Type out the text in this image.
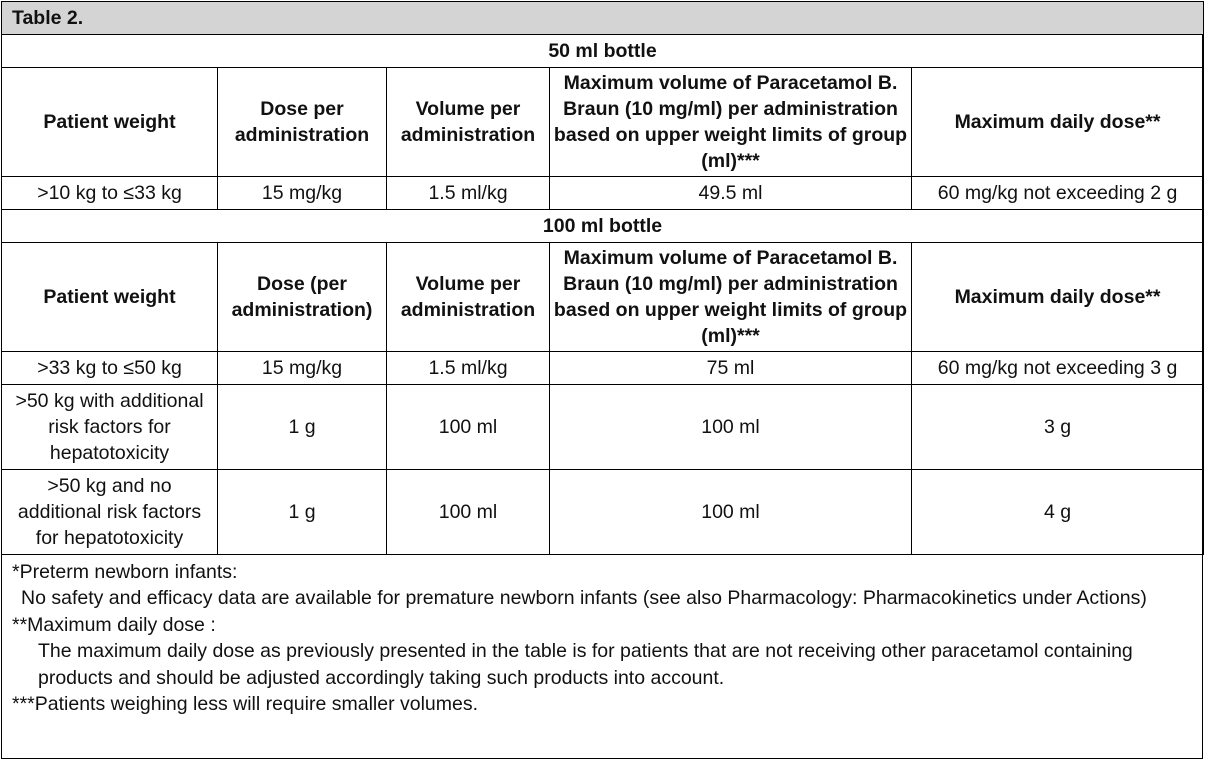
Table 2.				
50 ml bottle				
Patient weight	Dose per administration	Volume per administration	Maximum volume of Paracetamol B. Braun (10 mg/ml) per administration based on upper weight limits of group (ml)***	Maximum daily dose**
>10 kg to ≤33 kg	15 mg/kg	1.5 ml/kg	49.5 ml	60 mg/kg not exceeding 2 g
100 ml bottle				
Patient weight	Dose (per administration)	Volume per administration	Maximum volume of Paracetamol B. Braun (10 mg/ml) per administration based on upper weight limits of group (ml)***	Maximum daily dose**
>33 kg to ≤50 kg	15 mg/kg	1.5 ml/kg	75 ml	60 mg/kg not exceeding 3 g
>50 kg with additional risk factors for hepatotoxicity	1 g	100 ml	100 ml	3 g
>50 kg and no additional risk factors for hepatotoxicity	1 g	100 ml	100 ml	4 g
*Preterm newborn infants:
No safety and efficacy data are available for premature newborn infants (see also Pharmacology: Pharmacokinetics under Actions)
**Maximum daily dose :
The maximum daily dose as previously presented in the table is for patients that are not receiving other paracetamol containing products and should be adjusted accordingly taking such products into account.
***Patients weighing less will require smaller volumes.
